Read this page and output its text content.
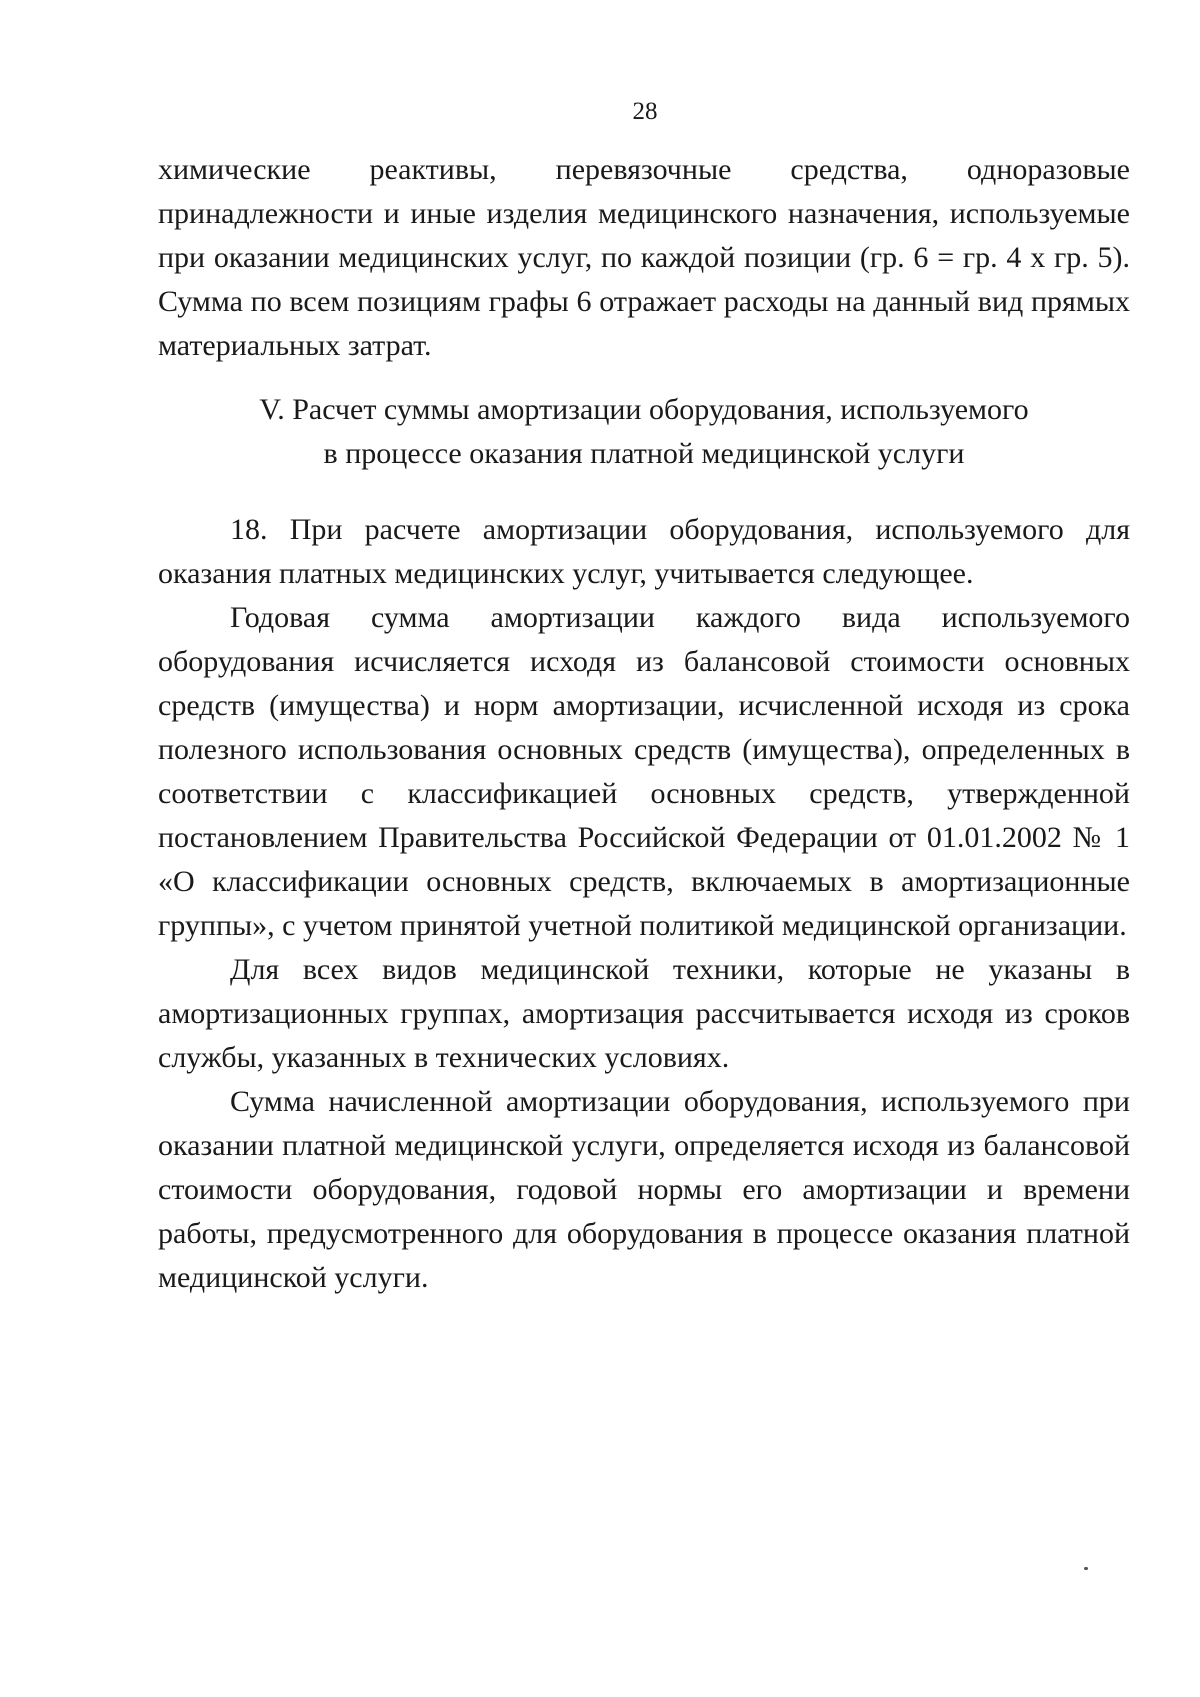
28

химические реактивы, перевязочные средства, одноразовые принадлежности и иные изделия медицинского назначения, используемые при оказании медицинских услуг, по каждой позиции (гр. 6 = гр. 4 x гр. 5). Сумма по всем позициям графы 6 отражает расходы на данный вид прямых материальных затрат.

V. Расчет суммы амортизации оборудования, используемого
в процессе оказания платной медицинской услуги

18. При расчете амортизации оборудования, используемого для оказания платных медицинских услуг, учитывается следующее.

Годовая сумма амортизации каждого вида используемого оборудования исчисляется исходя из балансовой стоимости основных средств (имущества) и норм амортизации, исчисленной исходя из срока полезного использования основных средств (имущества), определенных в соответствии с классификацией основных средств, утвержденной постановлением Правительства Российской Федерации от 01.01.2002 № 1 «О классификации основных средств, включаемых в амортизационные группы», с учетом принятой учетной политикой медицинской организации.

Для всех видов медицинской техники, которые не указаны в амортизационных группах, амортизация рассчитывается исходя из сроков службы, указанных в технических условиях.

Сумма начисленной амортизации оборудования, используемого при оказании платной медицинской услуги, определяется исходя из балансовой стоимости оборудования, годовой нормы его амортизации и времени работы, предусмотренного для оборудования в процессе оказания платной медицинской услуги.
